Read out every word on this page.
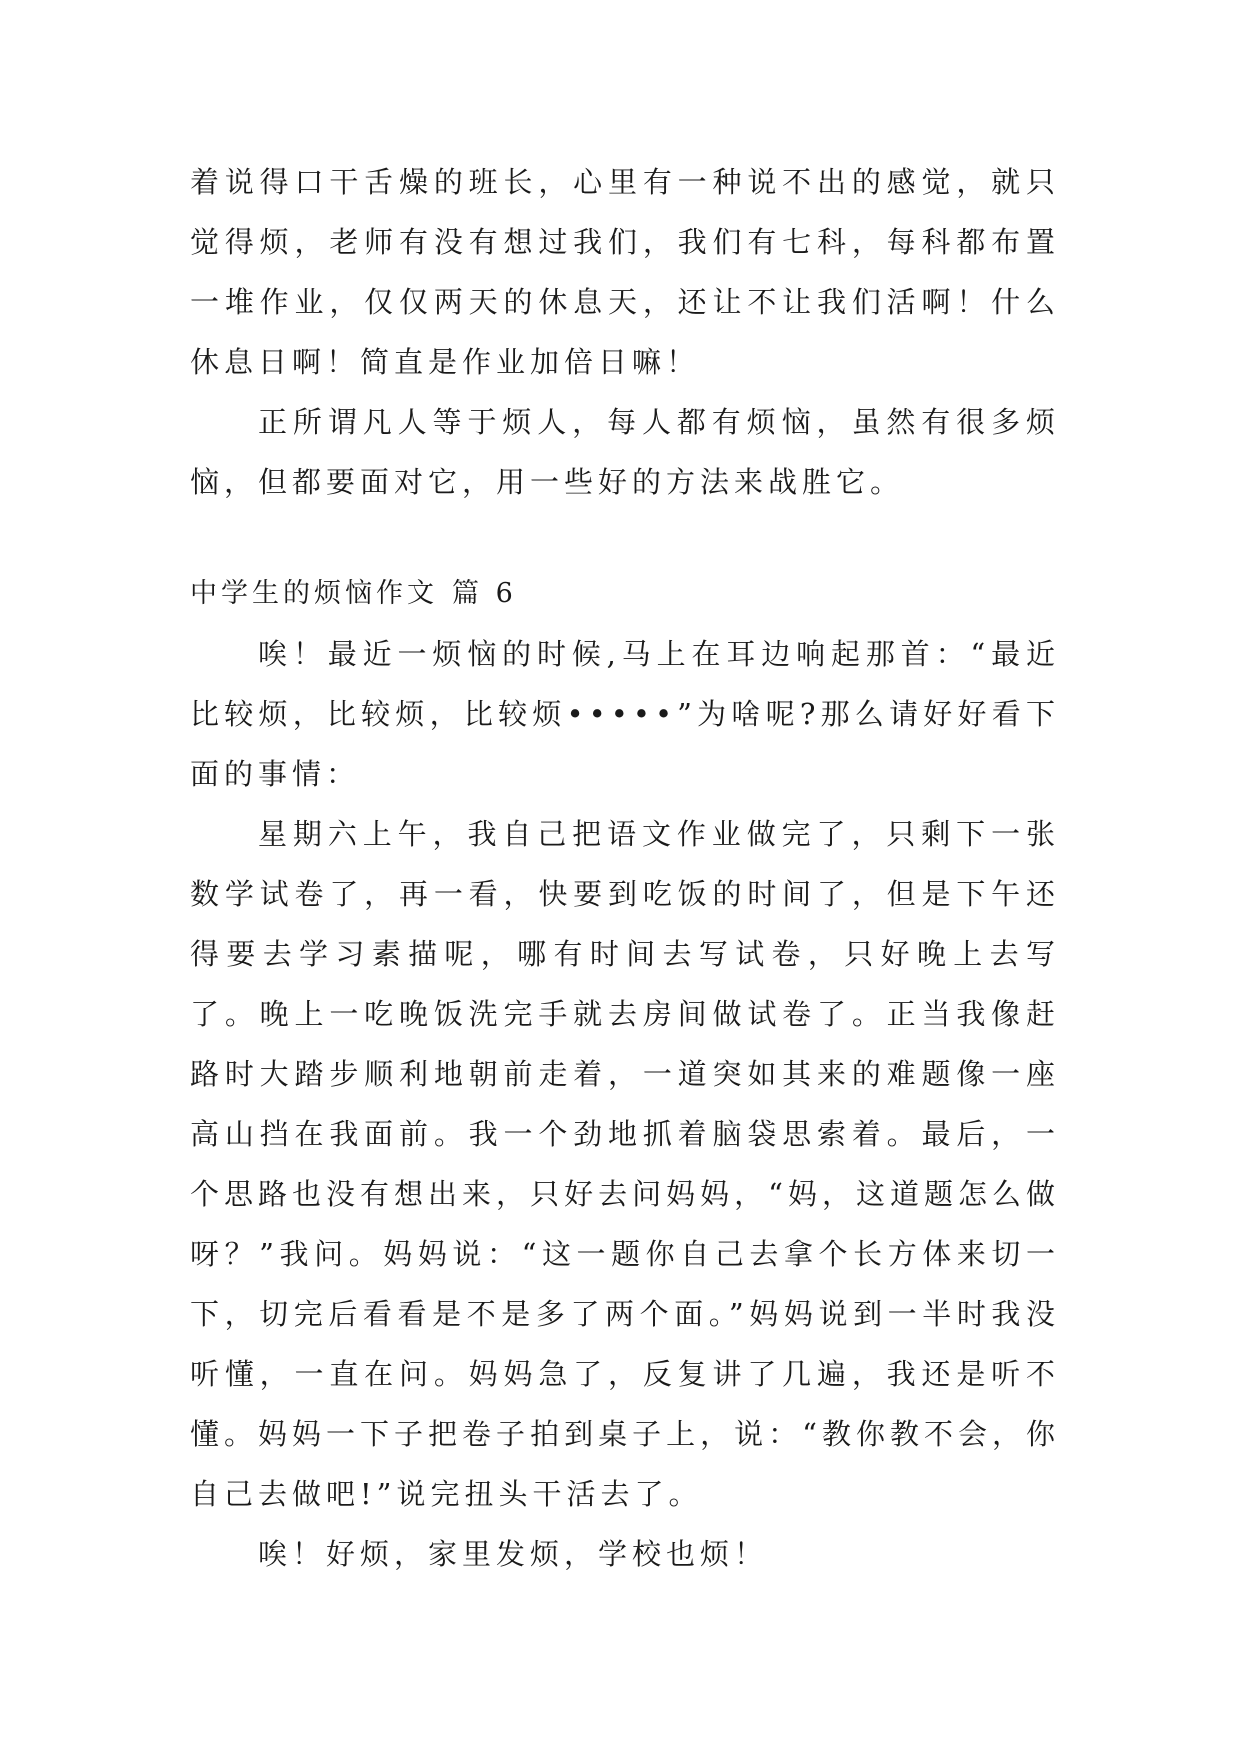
着说得口干舌燥的班长，心里有一种说不出的感觉，就只觉得烦，老师有没有想过我们，我们有七科，每科都布置一堆作业，仅仅两天的休息天，还让不让我们活啊！什么休息日啊！简直是作业加倍日嘛！

正所谓凡人等于烦人，每人都有烦恼，虽然有很多烦恼，但都要面对它，用一些好的方法来战胜它。

中学生的烦恼作文 篇 6

唉！最近一烦恼的时候,马上在耳边响起那首：“最近比较烦，比较烦，比较烦•••••”为啥呢?那么请好好看下面的事情：

星期六上午，我自己把语文作业做完了，只剩下一张数学试卷了，再一看，快要到吃饭的时间了，但是下午还得要去学习素描呢，哪有时间去写试卷，只好晚上去写了。晚上一吃晚饭洗完手就去房间做试卷了。正当我像赶路时大踏步顺利地朝前走着，一道突如其来的难题像一座高山挡在我面前。我一个劲地抓着脑袋思索着。最后，一个思路也没有想出来，只好去问妈妈，“妈，这道题怎么做呀？”我问。妈妈说：“这一题你自己去拿个长方体来切一下，切完后看看是不是多了两个面。”妈妈说到一半时我没听懂，一直在问。妈妈急了，反复讲了几遍，我还是听不懂。妈妈一下子把卷子拍到桌子上，说：“教你教不会，你自己去做吧!”说完扭头干活去了。

唉！好烦，家里发烦，学校也烦！
